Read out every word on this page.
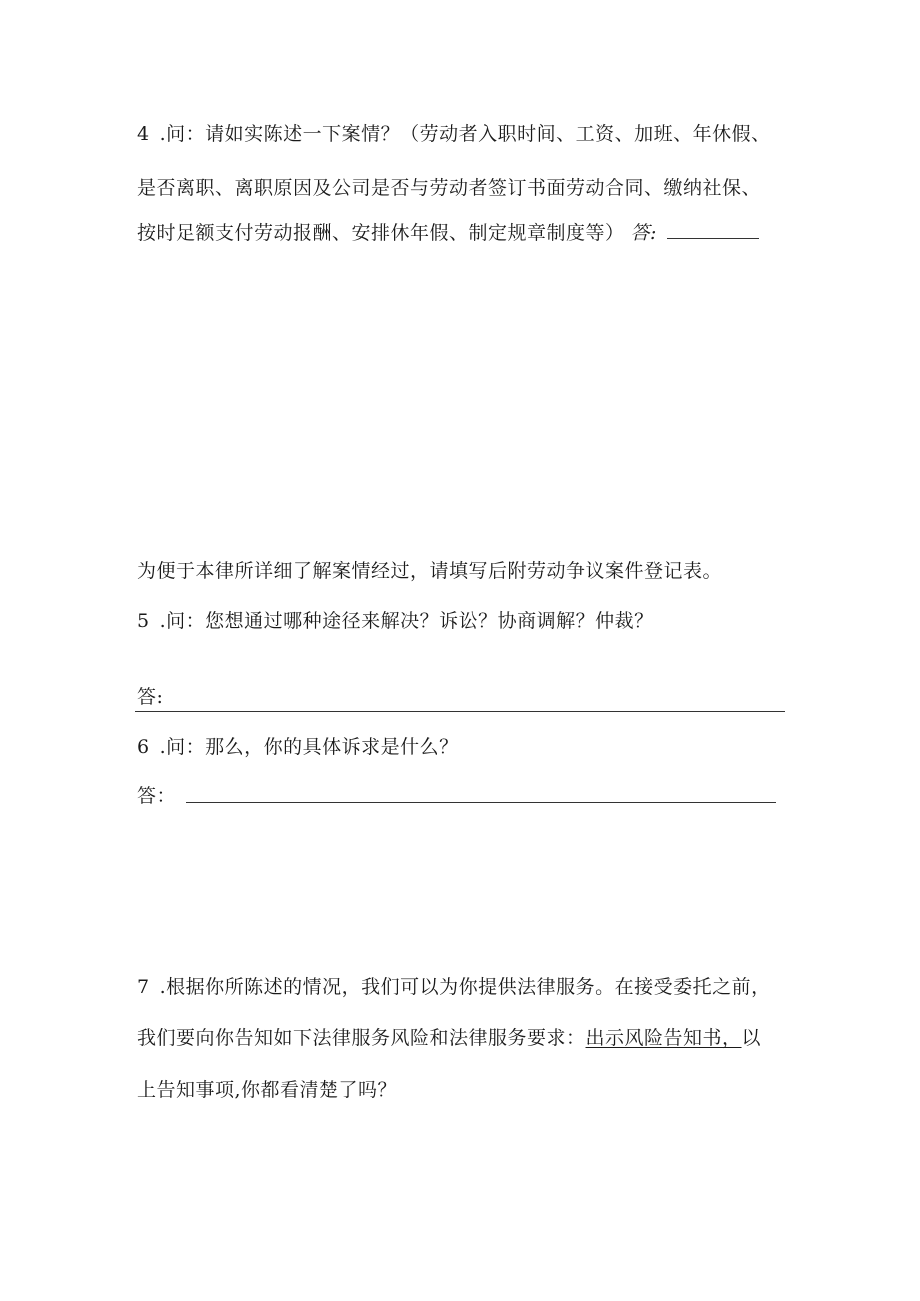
4 .问：请如实陈述一下案情？（劳动者入职时间、工资、加班、年休假、
是否离职、离职原因及公司是否与劳动者签订书面劳动合同、缴纳社保、
按时足额支付劳动报酬、安排休年假、制定规章制度等） 答:
为便于本律所详细了解案情经过，请填写后附劳动争议案件登记表。
5 .问：您想通过哪种途径来解决？诉讼？协商调解？仲裁？
答:
6 .问：那么，你的具体诉求是什么？
答：
7 .根据你所陈述的情况，我们可以为你提供法律服务。在接受委托之前，
我们要向你告知如下法律服务风险和法律服务要求：出示风险告知书，以
上告知事项,你都看清楚了吗？
